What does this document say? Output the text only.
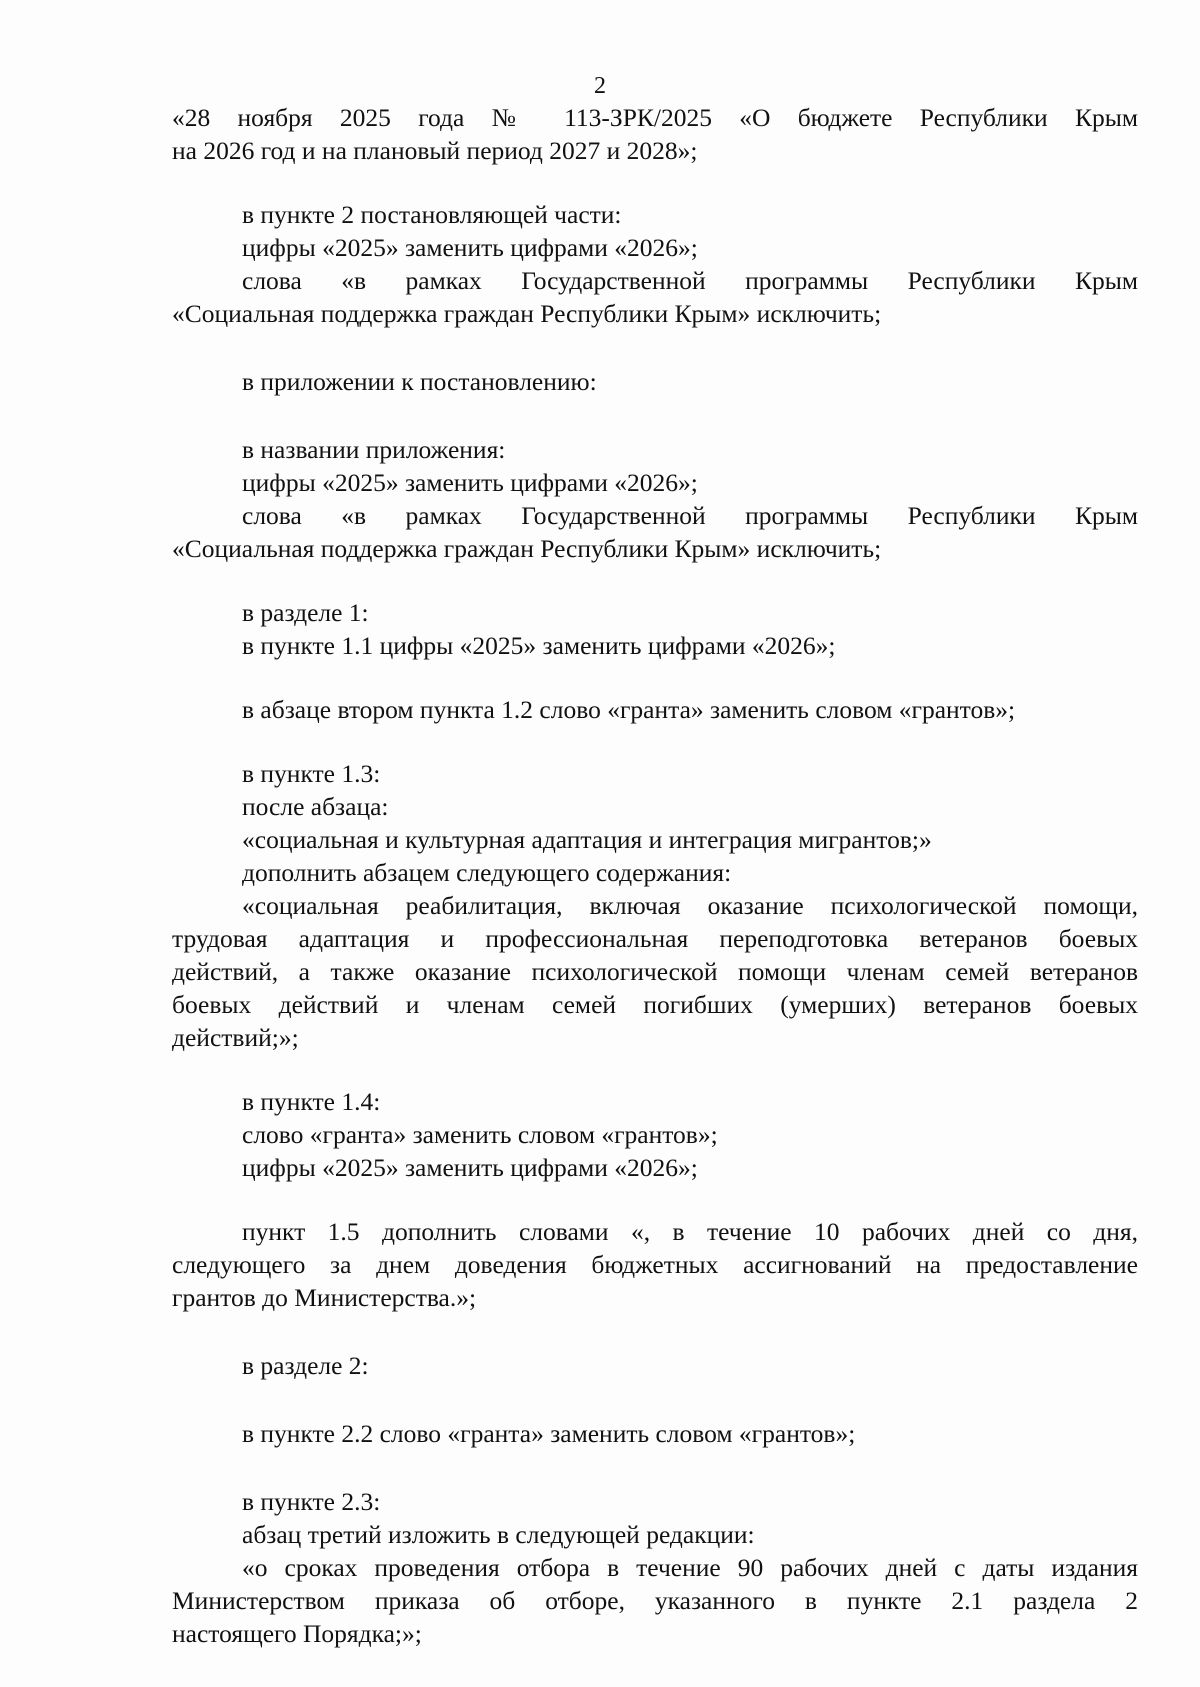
2
«28 ноября 2025 года № 113-ЗРК/2025 «О бюджете Республики Крым
на 2026 год и на плановый период 2027 и 2028»;
в пункте 2 постановляющей части:
цифры «2025» заменить цифрами «2026»;
слова «в рамках Государственной программы Республики Крым
«Социальная поддержка граждан Республики Крым» исключить;
в приложении к постановлению:
в названии приложения:
цифры «2025» заменить цифрами «2026»;
слова «в рамках Государственной программы Республики Крым
«Социальная поддержка граждан Республики Крым» исключить;
в разделе 1:
в пункте 1.1 цифры «2025» заменить цифрами «2026»;
в абзаце втором пункта 1.2 слово «гранта» заменить словом «грантов»;
в пункте 1.3:
после абзаца:
«социальная и культурная адаптация и интеграция мигрантов;»
дополнить абзацем следующего содержания:
«социальная реабилитация, включая оказание психологической помощи,
трудовая адаптация и профессиональная переподготовка ветеранов боевых
действий, а также оказание психологической помощи членам семей ветеранов
боевых действий и членам семей погибших (умерших) ветеранов боевых
действий;»;
в пункте 1.4:
слово «гранта» заменить словом «грантов»;
цифры «2025» заменить цифрами «2026»;
пункт 1.5 дополнить словами «, в течение 10 рабочих дней со дня,
следующего за днем доведения бюджетных ассигнований на предоставление
грантов до Министерства.»;
в разделе 2:
в пункте 2.2 слово «гранта» заменить словом «грантов»;
в пункте 2.3:
абзац третий изложить в следующей редакции:
«о сроках проведения отбора в течение 90 рабочих дней с даты издания
Министерством приказа об отборе, указанного в пункте 2.1 раздела 2
настоящего Порядка;»;
